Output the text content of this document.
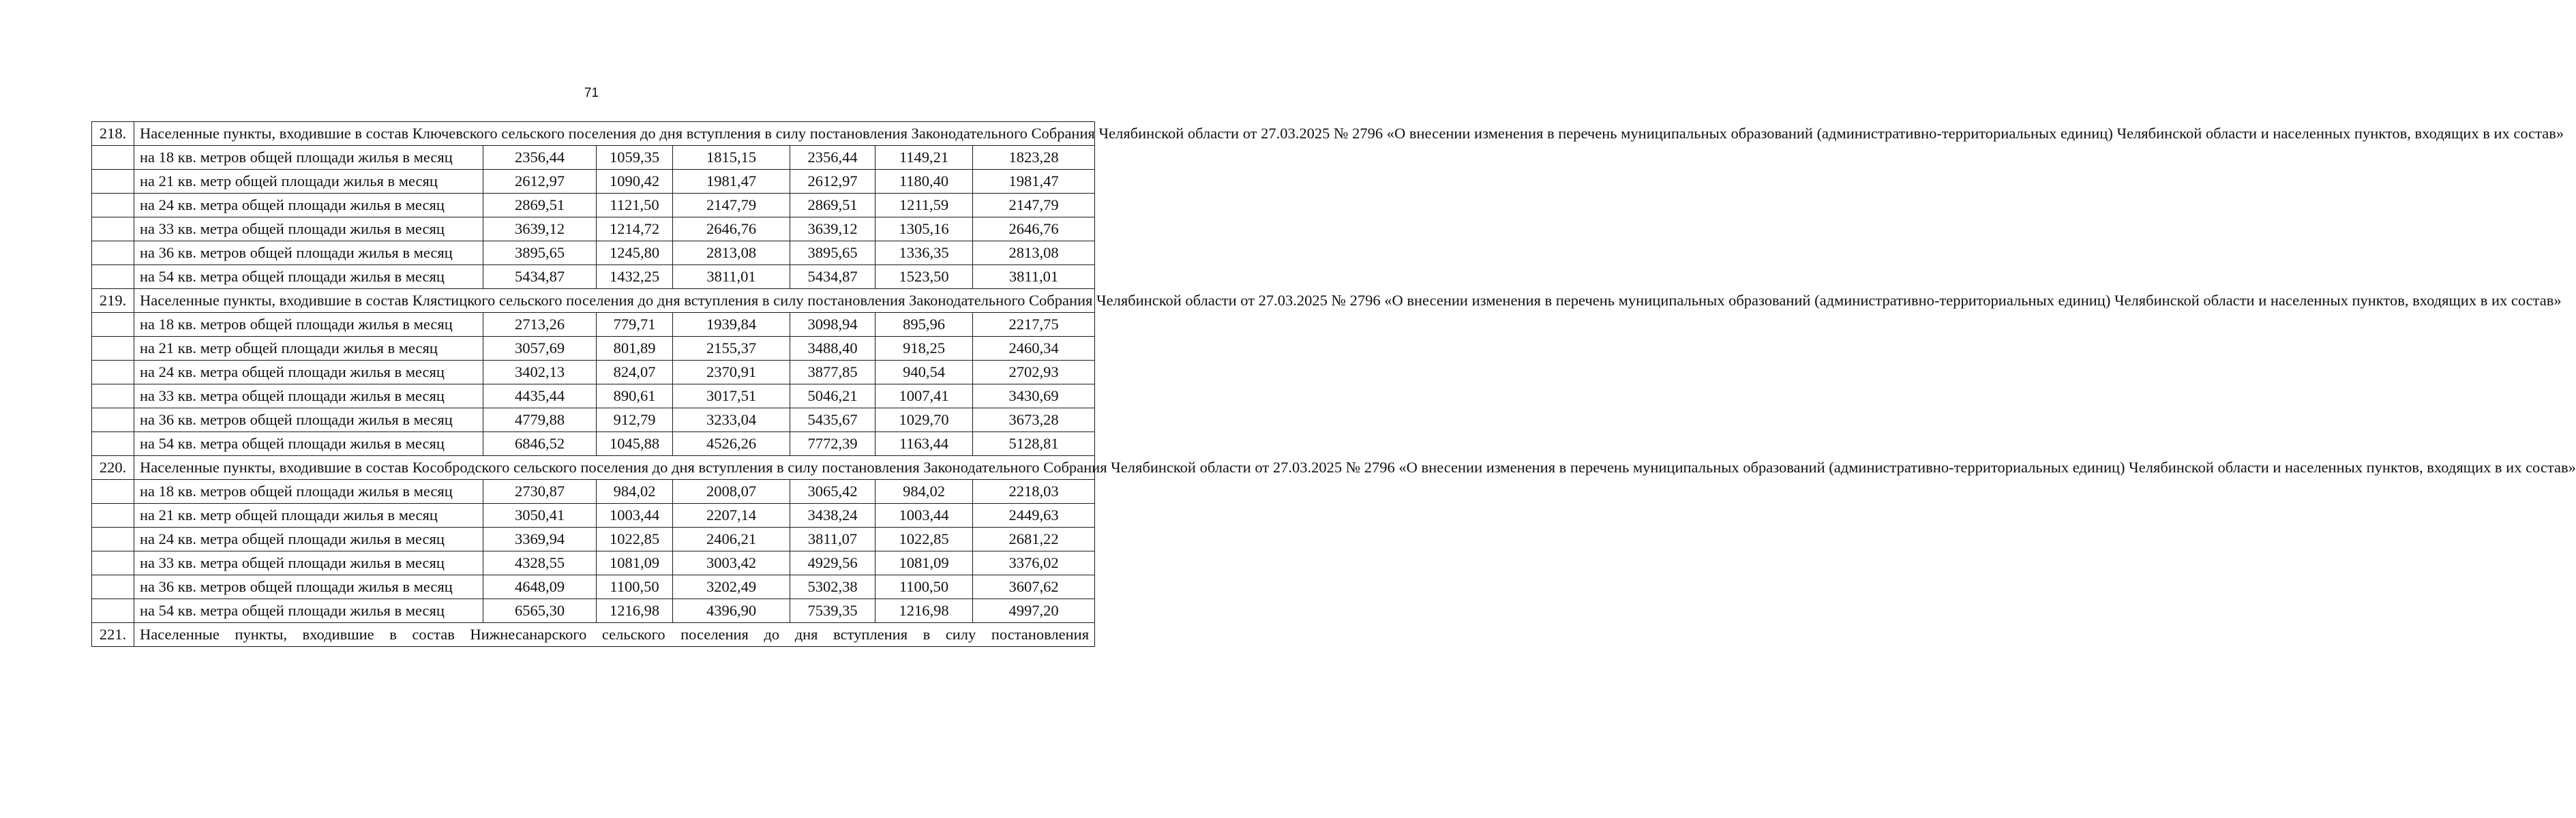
71
218.	Населенные пункты, входившие в состав Ключевского сельского поселения до дня вступления в силу постановления Законодательного Собрания Челябинской области от 27.03.2025 № 2796 «О внесении изменения в перечень муниципальных образований (административно-территориальных единиц) Челябинской области и населенных пунктов, входящих в их состав»						
	на 18 кв. метров общей площади жилья в месяц	2356,44	1059,35	1815,15	2356,44	1149,21	1823,28
	на 21 кв. метр общей площади жилья в месяц	2612,97	1090,42	1981,47	2612,97	1180,40	1981,47
	на 24 кв. метра общей площади жилья в месяц	2869,51	1121,50	2147,79	2869,51	1211,59	2147,79
	на 33 кв. метра общей площади жилья в месяц	3639,12	1214,72	2646,76	3639,12	1305,16	2646,76
	на 36 кв. метров общей площади жилья в месяц	3895,65	1245,80	2813,08	3895,65	1336,35	2813,08
	на 54 кв. метра общей площади жилья в месяц	5434,87	1432,25	3811,01	5434,87	1523,50	3811,01
219.	Населенные пункты, входившие в состав Клястицкого сельского поселения до дня вступления в силу постановления Законодательного Собрания Челябинской области от 27.03.2025 № 2796 «О внесении изменения в перечень муниципальных образований (административно-территориальных единиц) Челябинской области и населенных пунктов, входящих в их состав»						
	на 18 кв. метров общей площади жилья в месяц	2713,26	779,71	1939,84	3098,94	895,96	2217,75
	на 21 кв. метр общей площади жилья в месяц	3057,69	801,89	2155,37	3488,40	918,25	2460,34
	на 24 кв. метра общей площади жилья в месяц	3402,13	824,07	2370,91	3877,85	940,54	2702,93
	на 33 кв. метра общей площади жилья в месяц	4435,44	890,61	3017,51	5046,21	1007,41	3430,69
	на 36 кв. метров общей площади жилья в месяц	4779,88	912,79	3233,04	5435,67	1029,70	3673,28
	на 54 кв. метра общей площади жилья в месяц	6846,52	1045,88	4526,26	7772,39	1163,44	5128,81
220.	Населенные пункты, входившие в состав Кособродского сельского поселения до дня вступления в силу постановления Законодательного Собрания Челябинской области от 27.03.2025 № 2796 «О внесении изменения в перечень муниципальных образований (административно-территориальных единиц) Челябинской области и населенных пунктов, входящих в их состав»						
	на 18 кв. метров общей площади жилья в месяц	2730,87	984,02	2008,07	3065,42	984,02	2218,03
	на 21 кв. метр общей площади жилья в месяц	3050,41	1003,44	2207,14	3438,24	1003,44	2449,63
	на 24 кв. метра общей площади жилья в месяц	3369,94	1022,85	2406,21	3811,07	1022,85	2681,22
	на 33 кв. метра общей площади жилья в месяц	4328,55	1081,09	3003,42	4929,56	1081,09	3376,02
	на 36 кв. метров общей площади жилья в месяц	4648,09	1100,50	3202,49	5302,38	1100,50	3607,62
	на 54 кв. метра общей площади жилья в месяц	6565,30	1216,98	4396,90	7539,35	1216,98	4997,20
221.	Населенные пункты, входившие в состав Нижнесанарского сельского поселения до дня вступления в силу постановления						
